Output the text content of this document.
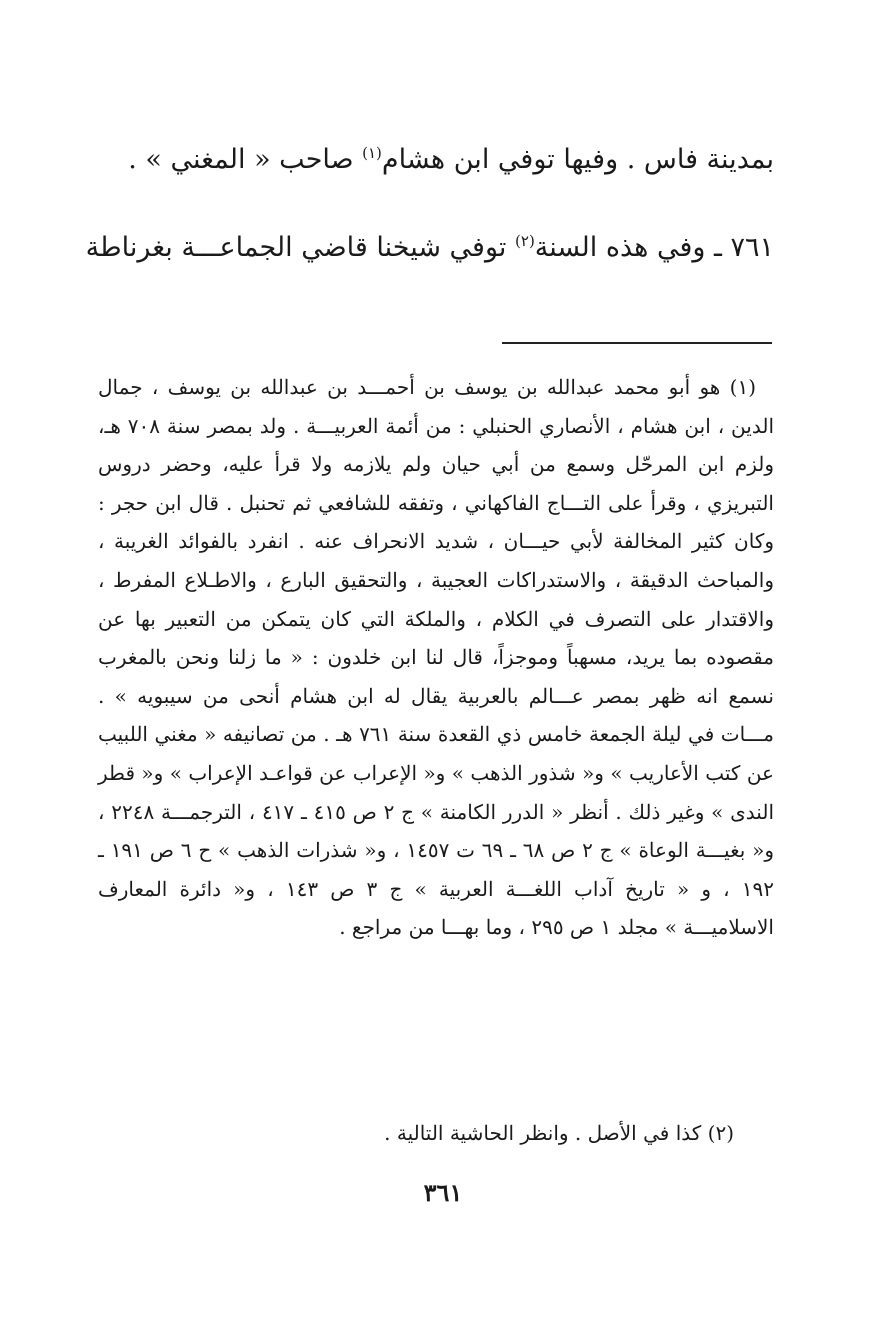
بمدينة فاس . وفيها توفي ابن هشام$^{(١)}$ صاحب « المغني » .
٧٦١ ـ وفي هذه السنة$^{(٢)}$ توفي شيخنا قاضي الجماعـــة بغرناطة
(١) هو أبو محمد عبدالله بن يوسف بن أحمـــد بن عبدالله بن يوسف ، جمال الدين ، ابن هشام ، الأنصاري الحنبلي : من أئمة العربيـــة . ولد بمصر سنة ٧٠٨ هـ، ولزم ابن المرحّل وسمع من أبي حيان ولم يلازمه ولا قرأ عليه، وحضر دروس التبريزي ، وقرأ على التـــاج الفاكهاني ، وتفقه للشافعي ثم تحنبل . قال ابن حجر : وكان كثير المخالفة لأبي حيـــان ، شديد الانحراف عنه . انفرد بالفوائد الغريبة ، والمباحث الدقيقة ، والاستدراكات العجيبة ، والتحقيق البارع ، والاطـلاع المفرط ، والاقتدار على التصرف في الكلام ، والملكة التي كان يتمكن من التعبير بها عن مقصوده بما يريد، مسهباً وموجزاً، قال لنا ابن خلدون : « ما زلنا ونحن بالمغرب نسمع انه ظهر بمصر عـــالم بالعربية يقال له ابن هشام أنحى من سيبويه » . مـــات في ليلة الجمعة خامس ذي القعدة سنة ٧٦١ هـ . من تصانيفه « مغني اللبيب عن كتب الأعاريب » و« شذور الذهب » و« الإعراب عن قواعـد الإعراب » و« قطر الندى » وغير ذلك . أنظر « الدرر الكامنة » ج ٢ ص ٤١٥ ـ ٤١٧ ، الترجمـــة ٢٢٤٨ ، و« بغيـــة الوعاة » ج ٢ ص ٦٨ ـ ٦٩ ت ١٤٥٧ ، و« شذرات الذهب » ح ٦ ص ١٩١ ـ ١٩٢ ، و « تاريخ آداب اللغـــة العربية » ج ٣ ص ١٤٣ ، و« دائرة المعارف الاسلاميـــة » مجلد ١ ص ٢٩٥ ، وما بهـــا من مراجع .
(٢) كذا في الأصل . وانظر الحاشية التالية .
٣٦١
